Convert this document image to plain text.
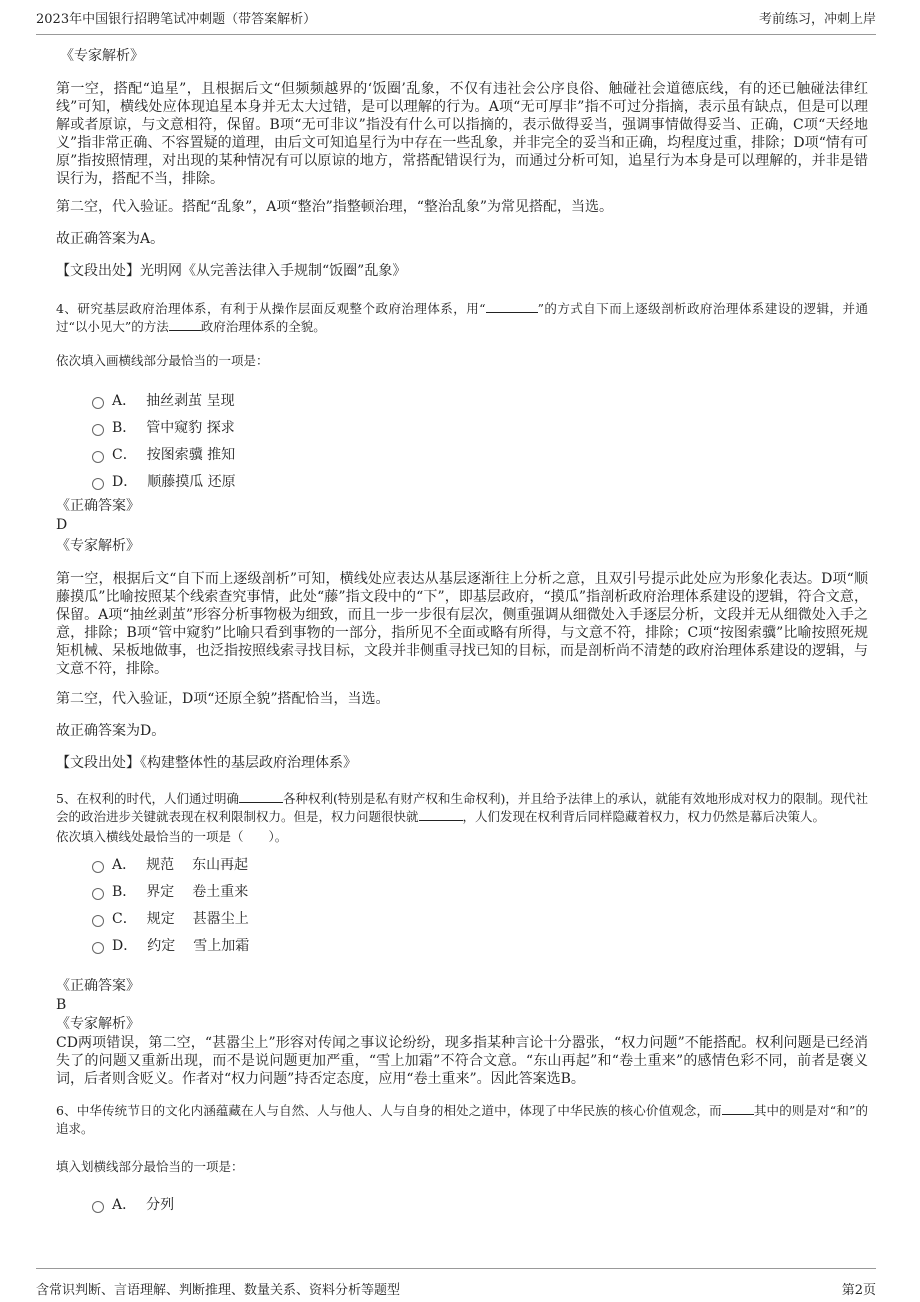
2023年中国银行招聘笔试冲刺题（带答案解析）	考前练习，冲刺上岸

《专家解析》

第一空，搭配“追星”，且根据后文“但频频越界的‘饭圈’乱象，不仅有违社会公序良俗、触碰社会道德底线，有的还已触碰法律红线”可知，横线处应体现追星本身并无太大过错，是可以理解的行为。A项“无可厚非”指不可过分指摘，表示虽有缺点，但是可以理解或者原谅，与文意相符，保留。B项“无可非议”指没有什么可以指摘的，表示做得妥当，强调事情做得妥当、正确，C项“天经地义”指非常正确、不容置疑的道理，由后文可知追星行为中存在一些乱象，并非完全的妥当和正确，均程度过重，排除；D项“情有可原”指按照情理，对出现的某种情况有可以原谅的地方，常搭配错误行为，而通过分析可知，追星行为本身是可以理解的，并非是错误行为，搭配不当，排除。

第二空，代入验证。搭配“乱象”，A项“整治”指整顿治理，“整治乱象”为常见搭配，当选。

故正确答案为A。

【文段出处】光明网《从完善法律入手规制“饭圈”乱象》

4、研究基层政府治理体系，有利于从操作层面反观整个政府治理体系，用“	”的方式自下而上逐级剖析政府治理体系建设的逻辑，并通过“以小见大”的方法	政府治理体系的全貌。

依次填入画横线部分最恰当的一项是：

A． 抽丝剥茧 呈现
B． 管中窥豹 探求
C． 按图索骥 推知
D． 顺藤摸瓜 还原

《正确答案》

D

《专家解析》

第一空，根据后文“自下而上逐级剖析”可知，横线处应表达从基层逐渐往上分析之意，且双引号提示此处应为形象化表达。D项“顺藤摸瓜”比喻按照某个线索查究事情，此处“藤”指文段中的“下”，即基层政府，“摸瓜”指剖析政府治理体系建设的逻辑，符合文意，保留。A项“抽丝剥茧”形容分析事物极为细致，而且一步一步很有层次，侧重强调从细微处入手逐层分析，文段并无从细微处入手之意，排除；B项“管中窥豹”比喻只看到事物的一部分，指所见不全面或略有所得，与文意不符，排除；C项“按图索骥”比喻按照死规矩机械、呆板地做事，也泛指按照线索寻找目标，文段并非侧重寻找已知的目标，而是剖析尚不清楚的政府治理体系建设的逻辑，与文意不符，排除。

第二空，代入验证，D项“还原全貌”搭配恰当，当选。

故正确答案为D。

【文段出处】《构建整体性的基层政府治理体系》

5、在权利的时代，人们通过明确	各种权利(特别是私有财产权和生命权利)，并且给予法律上的承认，就能有效地形成对权力的限制。现代社会的政治进步关键就表现在权利限制权力。但是，权力问题很快就	，人们发现在权利背后同样隐藏着权力，权力仍然是幕后决策人。

依次填入横线处最恰当的一项是（　　）。

A． 规范	东山再起
B． 界定	卷土重来
C． 规定	甚嚣尘上
D． 约定	雪上加霜

《正确答案》

B

《专家解析》

CD两项错误，第二空，“甚嚣尘上”形容对传闻之事议论纷纷，现多指某种言论十分嚣张，“权力问题”不能搭配。权利问题是已经消失了的问题又重新出现，而不是说问题更加严重，“雪上加霜”不符合文意。“东山再起”和“卷土重来”的感情色彩不同，前者是褒义词，后者则含贬义。作者对“权力问题”持否定态度，应用“卷土重来”。因此答案选B。

6、中华传统节日的文化内涵蕴藏在人与自然、人与他人、人与自身的相处之道中，体现了中华民族的核心价值观念，而	其中的则是对“和”的追求。

填入划横线部分最恰当的一项是：

A． 分列
含常识判断、言语理解、判断推理、数量关系、资料分析等题型	第2页
